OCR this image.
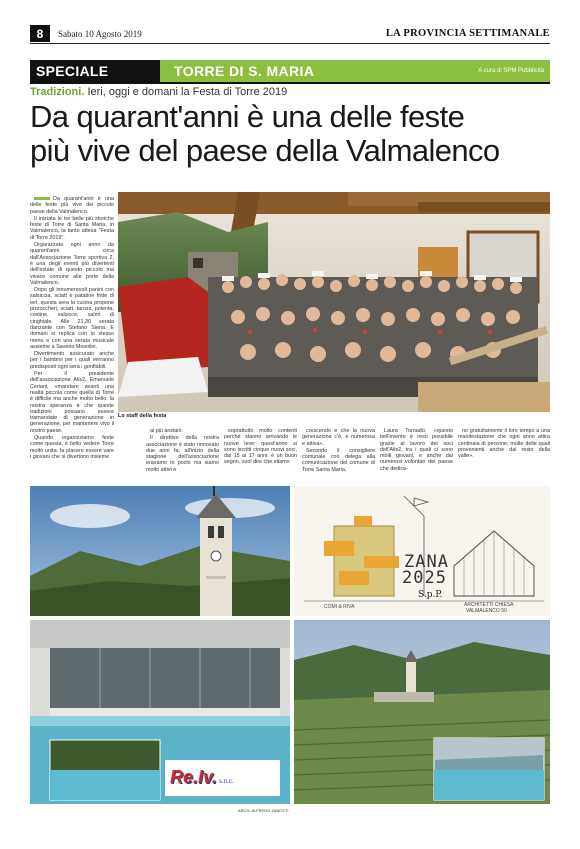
8	Sabato 10 Agosto 2019	LA PROVINCIA SETTIMANALE
SPECIALE	TORRE DI S. MARIA	A cura di SPM Pubblicità
Tradizioni. Ieri, oggi e domani la Festa di Torre 2019
Da quarant'anni è una delle feste
più vive del paese della Valmalenco

Da quarant'anni è una delle feste più vive dei piccolo paese della Valmalenco.

Il iniziata le tre belle più storiche feste di Torre di Santa Maria, in Valmalenco, la tanto attesa "Festa di Torre 2019".

Organizzata ogni anno da quarant'anni circa dall'Associazione Torre sportiva 2, è una degli eventi più divertenti dell'estate di questo piccolo ma vivace comune alle porte della Valmalenco.

Dopo gli innumerevoli panini con salsiccia, sciatt e patatine fritte di ieri, questa sera la cucina propone pizzoccheri, sciatt, tarozz, polenta, costine, salsicce, salmì di cinghiale. Alle 21,30 serata danzante con Stefano Siena. E domani si replica con lo stesso menu e con una serata musicale assieme a Saverio Mosolini.

Divertimento assicurato anche per i bambini per i quali verranno predisposti ogni sera i gonfiabili.

Per il presidente dell'associazione Alis2, Emanuele Ceriani, «mandare avanti una realtà piccola come quella di Torre è difficile ma anche molto bello: la nostra speranza è che queste tradizioni possano essere tramandate di generazione in generazione, per mantenere vivo il nostro paese.

Quando organizziamo feste come questa, è bello vedere Torre molto unita: fa piacere essere vare i giovani che si divertono insieme

Lo staff della festa

ai più anziani.

Il direttivo della nostra associazione è stato rinnovato due anni fa; all'inizio della stagione dell'associazione eravamo in pochi ma siamo molto attivi e

soprattutto molto contenti perché stanno arrivando le nuove leve: quest'anno si sono iscritti cinque nuovi soci, dai 15 ai 17 anni: è un buon segno, vuol dire che stiamo

crescendo e che la nuova generazione c'è, è numerosa e attiva».

Secondo il consigliere comunale con delega alla comunicazione del comune di Torre Santa Maria,

Laura Tornadù, «questo bell'evento è reso possibile grazie al lavoro dei soci dell'Alis2, tra i quali ci sono molti giovani, e anche dai numerosi volontari del paese che dedica-

no gratuitamente il loro tempo a una manifestazione che ogni anno attira centinaia di persone, molte delle quali provenienti anche dal resto della valle».

ZANA
2025
S.p.P.
COMI & RIVA	ARCHITETTI CHIESA
VALMALENCO 50
Re.Iv. s.n.c.
ARCH. ALFREDO ZANOTTI
